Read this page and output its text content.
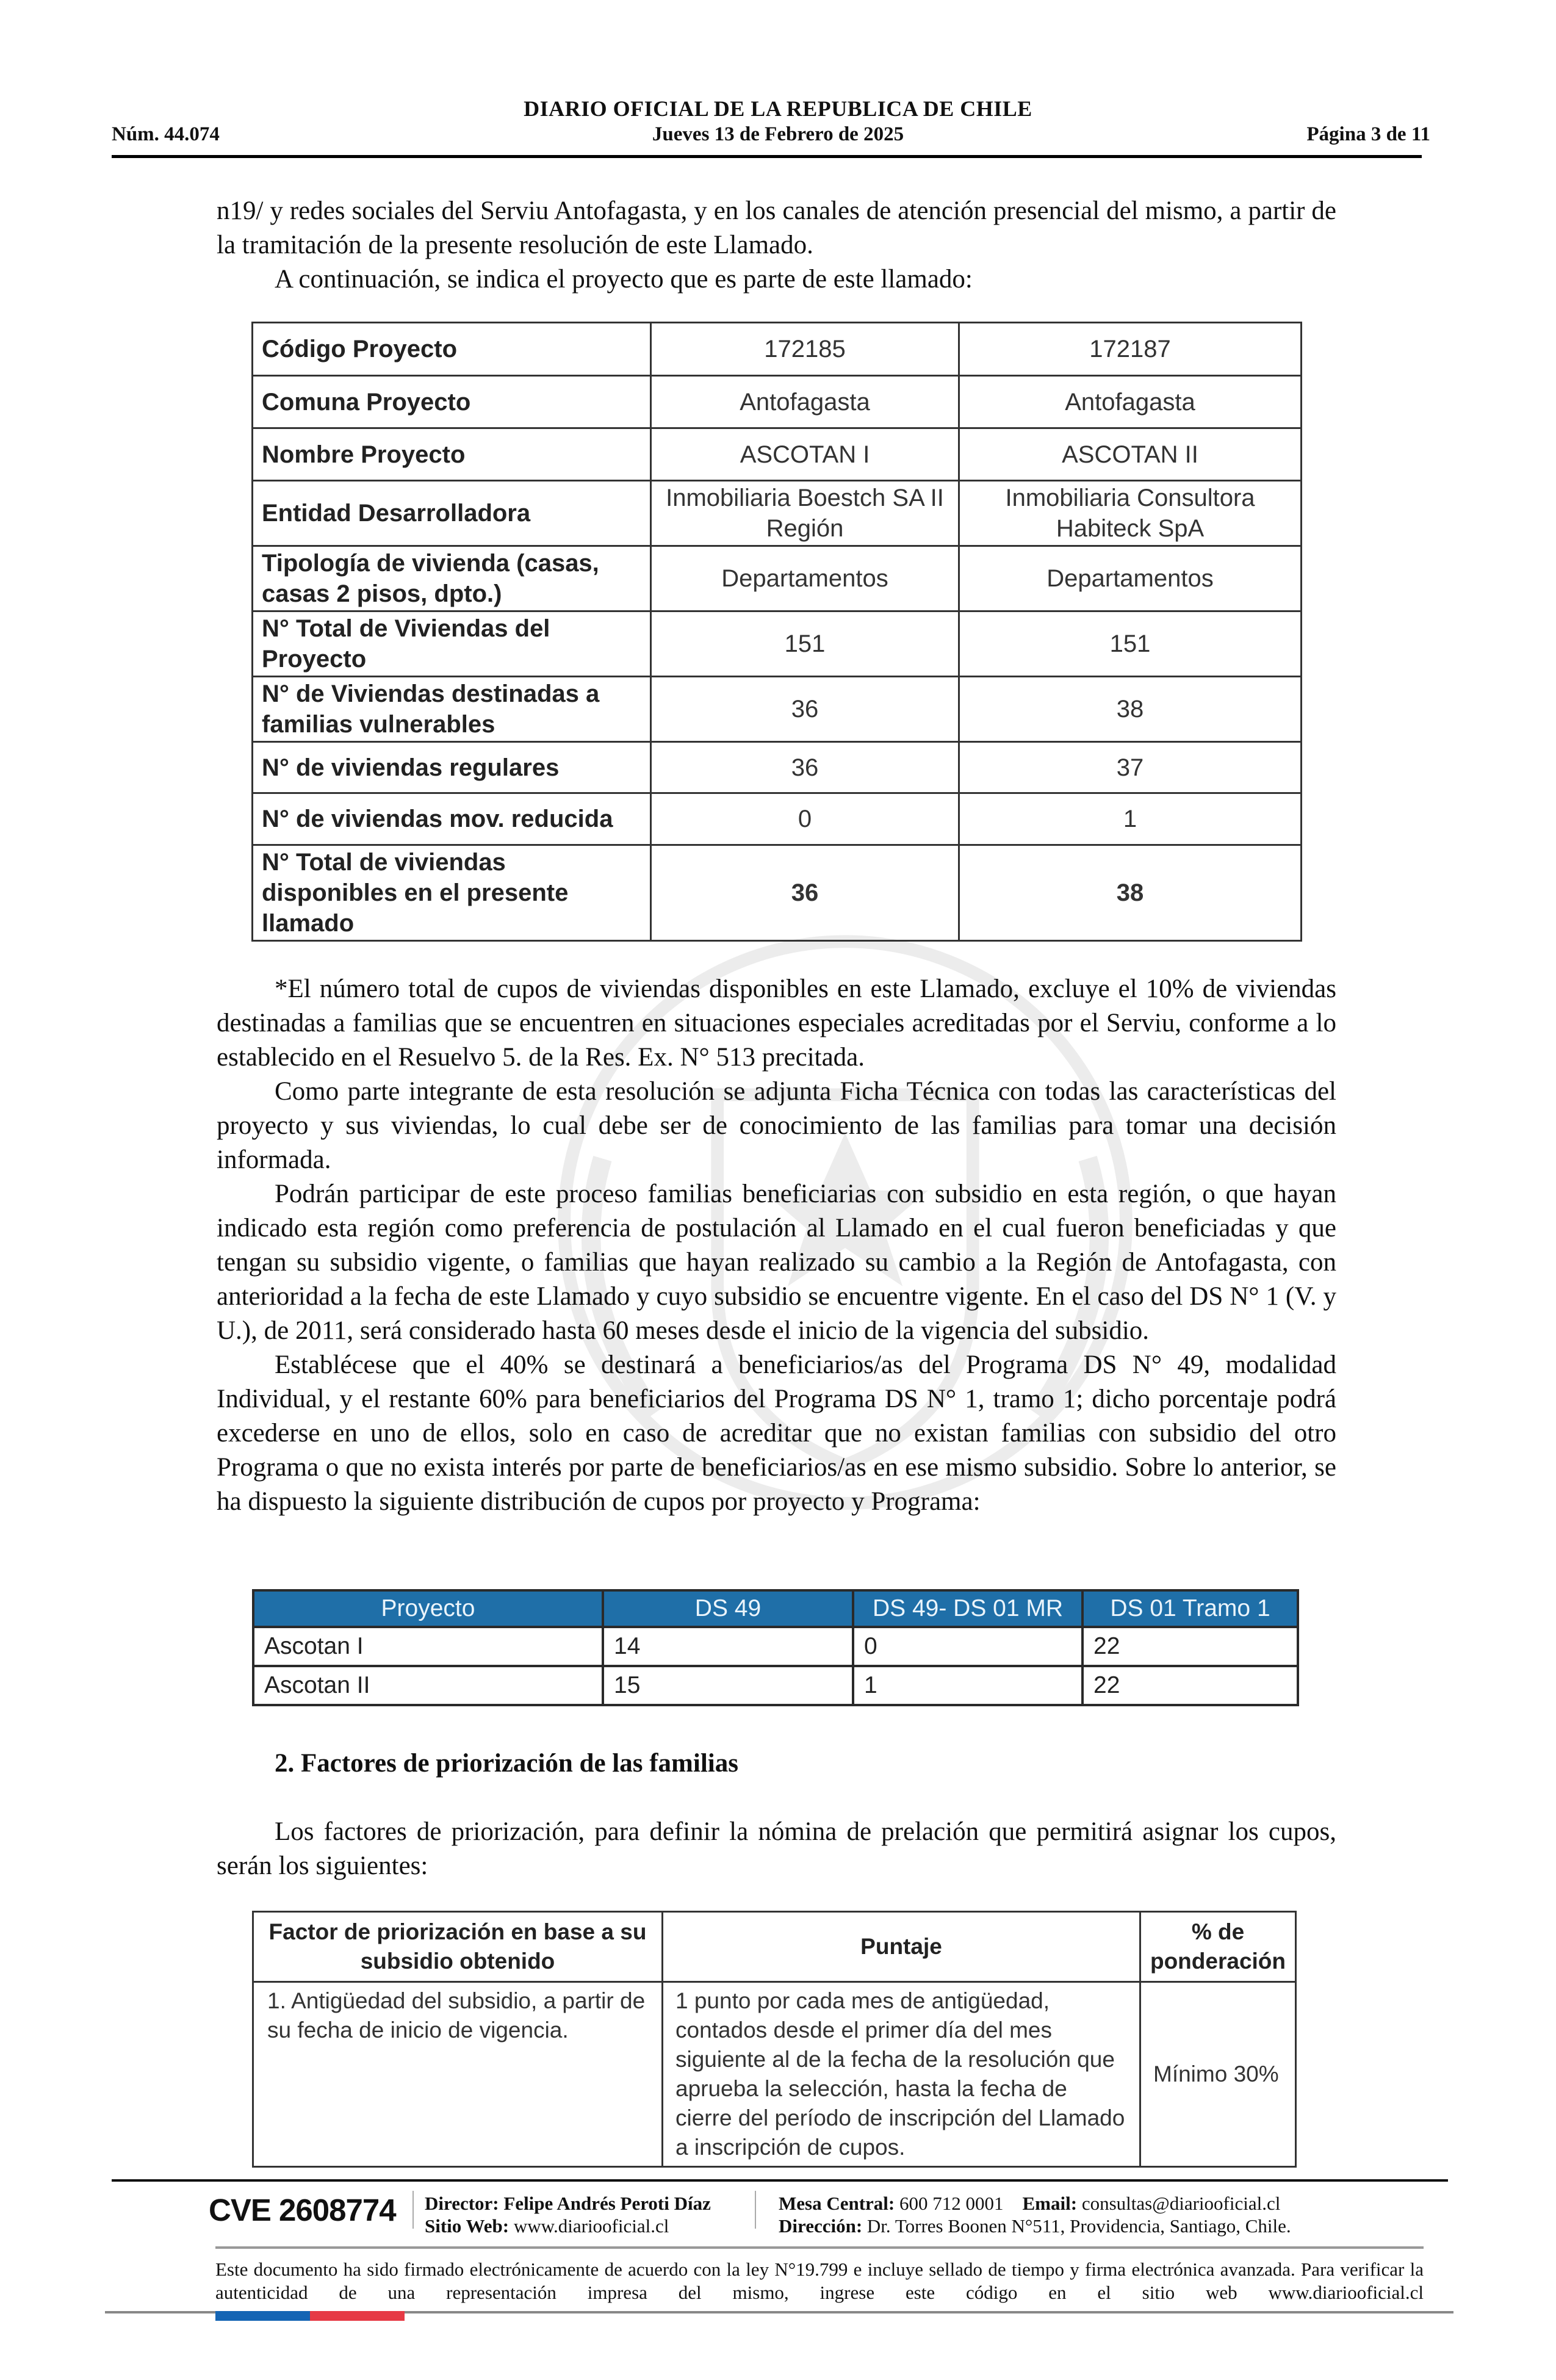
DIARIO OFICIAL DE LA REPUBLICA DE CHILE
Núm. 44.074	Jueves 13 de Febrero de 2025	Página 3 de 11

n19/ y redes sociales del Serviu Antofagasta, y en los canales de atención presencial del mismo, a partir de la tramitación de la presente resolución de este Llamado.

A continuación, se indica el proyecto que es parte de este llamado:

Código Proyecto	172185	172187
Comuna Proyecto	Antofagasta	Antofagasta
Nombre Proyecto	ASCOTAN I	ASCOTAN II
Entidad Desarrolladora	Inmobiliaria Boestch SA II Región	Inmobiliaria Consultora Habiteck SpA
Tipología de vivienda (casas, casas 2 pisos, dpto.)	Departamentos	Departamentos
N° Total de Viviendas del Proyecto	151	151
N° de Viviendas destinadas a familias vulnerables	36	38
N° de viviendas regulares	36	37
N° de viviendas mov. reducida	0	1
N° Total de viviendas disponibles en el presente llamado	36	38

*El número total de cupos de viviendas disponibles en este Llamado, excluye el 10% de viviendas destinadas a familias que se encuentren en situaciones especiales acreditadas por el Serviu, conforme a lo establecido en el Resuelvo 5. de la Res. Ex. N° 513 precitada.

Como parte integrante de esta resolución se adjunta Ficha Técnica con todas las características del proyecto y sus viviendas, lo cual debe ser de conocimiento de las familias para tomar una decisión informada.

Podrán participar de este proceso familias beneficiarias con subsidio en esta región, o que hayan indicado esta región como preferencia de postulación al Llamado en el cual fueron beneficiadas y que tengan su subsidio vigente, o familias que hayan realizado su cambio a la Región de Antofagasta, con anterioridad a la fecha de este Llamado y cuyo subsidio se encuentre vigente. En el caso del DS N° 1 (V. y U.), de 2011, será considerado hasta 60 meses desde el inicio de la vigencia del subsidio.

Establécese que el 40% se destinará a beneficiarios/as del Programa DS N° 49, modalidad Individual, y el restante 60% para beneficiarios del Programa DS N° 1, tramo 1; dicho porcentaje podrá excederse en uno de ellos, solo en caso de acreditar que no existan familias con subsidio del otro Programa o que no exista interés por parte de beneficiarios/as en ese mismo subsidio. Sobre lo anterior, se ha dispuesto la siguiente distribución de cupos por proyecto y Programa:

Proyecto	DS 49	DS 49- DS 01 MR	DS 01 Tramo 1
Ascotan I	14	0	22
Ascotan II	15	1	22

2. Factores de priorización de las familias

Los factores de priorización, para definir la nómina de prelación que permitirá asignar los cupos, serán los siguientes:

Factor de priorización en base a su subsidio obtenido	Puntaje	% de ponderación
1. Antigüedad del subsidio, a partir de su fecha de inicio de vigencia.	1 punto por cada mes de antigüedad, contados desde el primer día del mes siguiente al de la fecha de la resolución que aprueba la selección, hasta la fecha de cierre del período de inscripción del Llamado a inscripción de cupos.	Mínimo 30%
CVE 2608774 Director: Felipe Andrés Peroti Díaz
Sitio Web: www.diariooficial.cl
Mesa Central: 600 712 0001 Email: consultas@diariooficial.cl
Dirección: Dr. Torres Boonen N°511, Providencia, Santiago, Chile.
Este documento ha sido firmado electrónicamente de acuerdo con la ley N°19.799 e incluye sellado de tiempo y firma electrónica avanzada. Para verificar la autenticidad de una representación impresa del mismo, ingrese este código en el sitio web www.diariooficial.cl
